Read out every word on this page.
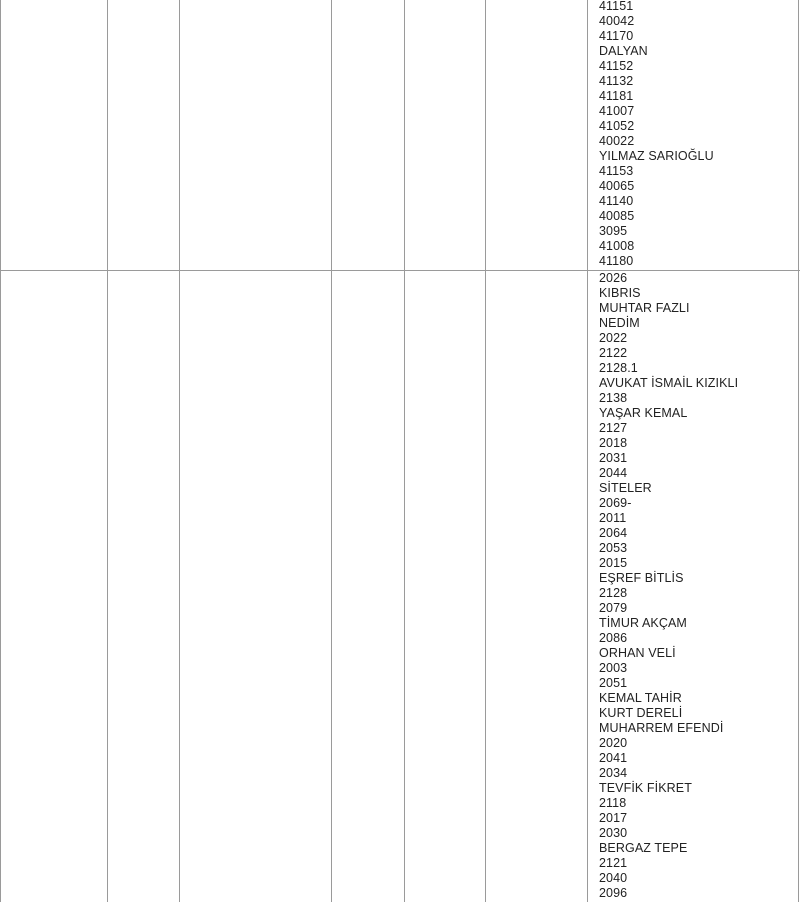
41151
40042
41170
DALYAN
41152
41132
41181
41007
41052
40022
YILMAZ SARIOĞLU
41153
40065
41140
40085
3095
41008
41180
2026
KIBRIS
MUHTAR FAZLI
NEDİM
2022
2122
2128.1
AVUKAT İSMAİL KIZIKLI
2138
YAŞAR KEMAL
2127
2018
2031
2044
SİTELER
2069-
2011
2064
2053
2015
EŞREF BİTLİS
2128
2079
TİMUR AKÇAM
2086
ORHAN VELİ
2003
2051
KEMAL TAHİR
KURT DERELİ
MUHARREM EFENDİ
2020
2041
2034
TEVFİK FİKRET
2118
2017
2030
BERGAZ TEPE
2121
2040
2096
